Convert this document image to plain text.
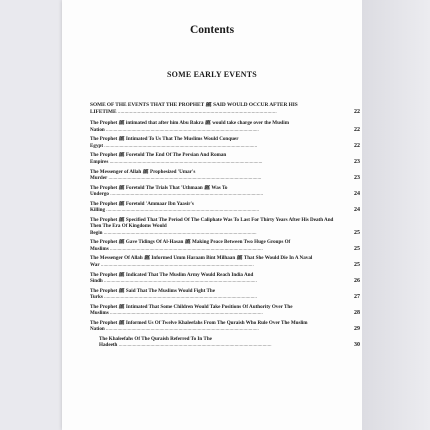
Contents
SOME EARLY EVENTS
SOME OF THE EVENTS THAT THE PROPHET ﷺ SAID WOULD OCCUR AFTER HIS LIFETIME .....	22
The Prophet ﷺ intimated that after him Abu Bakra ﷺ would take charge over the Muslim Nation .....	22
The Prophet ﷺ Intimated To Us That The Muslims Would Conquer Egypt .....	22
The Prophet ﷺ Foretold The End Of The Persian And Roman Empires .....	23
The Messenger of Allah ﷺ Prophesized 'Umar's Murder .....	23
The Prophet ﷺ Foretold The Trials That 'Uthmaan ﷺ Was To Undergo .....	24
The Prophet ﷺ Foretold 'Ammaar Ibn Yaasir's Killing .....	24
The Prophet ﷺ Specified That The Period Of The Caliphate Was To Last For Thirty Years After His Death And Then The Era Of Kingdoms Would Begin .....	25
The Prophet ﷺ Gave Tidings Of Al-Hasan ﷺ Making Peace Between Two Huge Groups Of Muslims .....	25
The Messenger Of Allah ﷺ Informed Umm Haraam Bint Milhaan ﷺ That She Would Die In A Naval War .....	25
The Prophet ﷺ Indicated That The Muslim Army Would Reach India And Sindh .....	26
The Prophet ﷺ Said That The Muslims Would Fight The Turks .....	27
The Prophet ﷺ Intimated That Some Children Would Take Positions Of Authority Over The Muslims .....	28
The Prophet ﷺ Informed Us Of Twelve Khaleefahs From The Quraish Who Rule Over The Muslim Nation .....	29
The Khaleefahs Of The Quraish Referred To In The Hadeeth .....	30
